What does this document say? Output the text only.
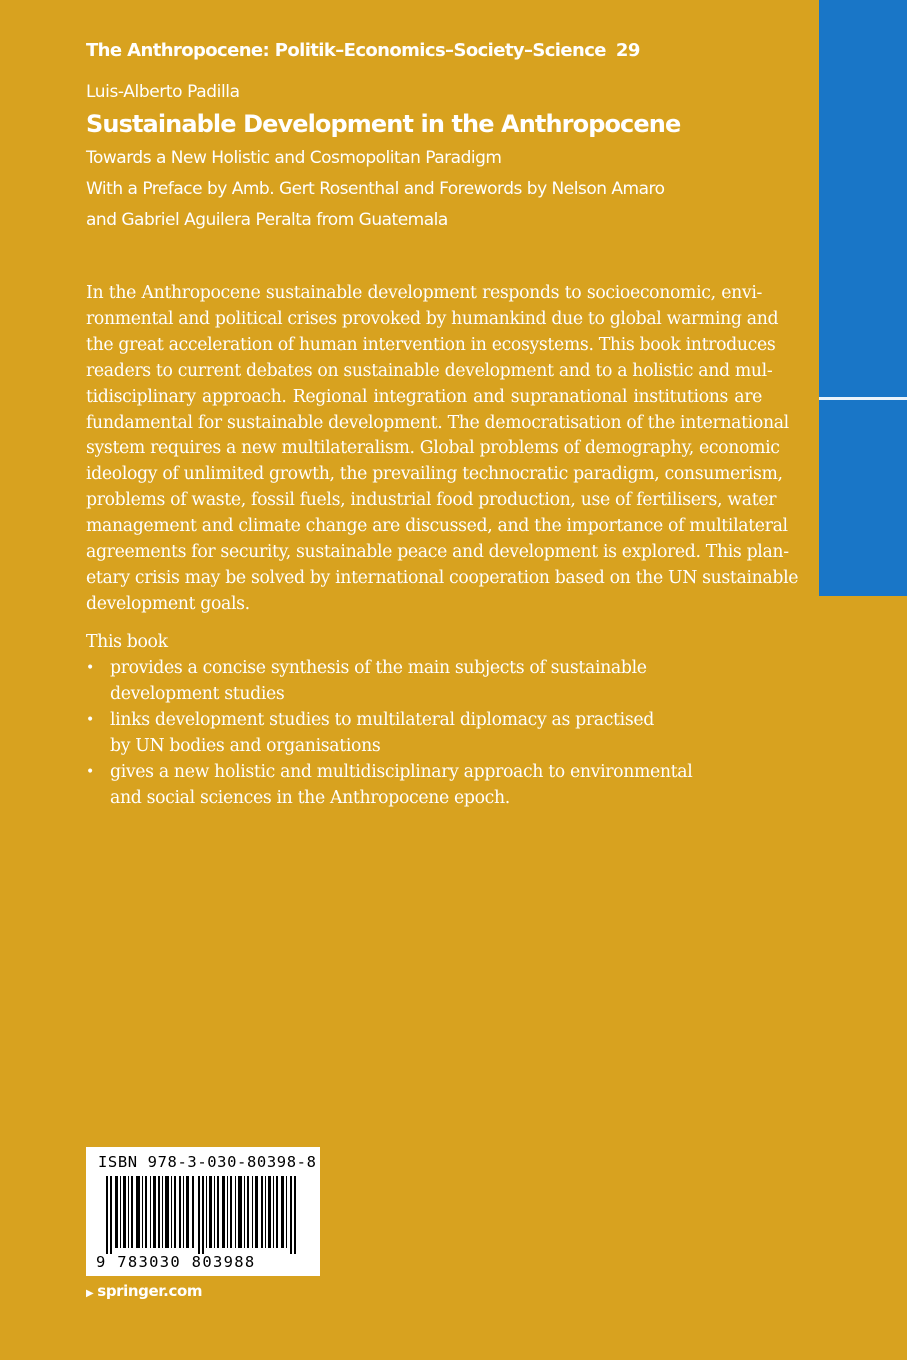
The Anthropocene: Politik–Economics–Society–Science 29
Luis-Alberto Padilla
Sustainable Development in the Anthropocene
Towards a New Holistic and Cosmopolitan Paradigm
With a Preface by Amb. Gert Rosenthal and Forewords by Nelson Amaro
and Gabriel Aguilera Peralta from Guatemala
In the Anthropocene sustainable development responds to socioeconomic, envi-
ronmental and political crises provoked by humankind due to global warming and
the great acceleration of human intervention in ecosystems. This book introduces
readers to current debates on sustainable development and to a holistic and mul-
tidisciplinary approach. Regional integration and supranational institutions are
fundamental for sustainable development. The democratisation of the international
system requires a new multilateralism. Global problems of demography, economic
ideology of unlimited growth, the prevailing technocratic paradigm, consumerism,
problems of waste, fossil fuels, industrial food production, use of fertilisers, water
management and climate change are discussed, and the importance of multilateral
agreements for security, sustainable peace and development is explored. This plan-
etary crisis may be solved by international cooperation based on the UN sustainable
development goals.
This book
• provides a concise synthesis of the main subjects of sustainable
development studies
• links development studies to multilateral diplomacy as practised
by UN bodies and organisations
• gives a new holistic and multidisciplinary approach to environmental
and social sciences in the Anthropocene epoch.
ISBN 978-3-030-80398-8
9 783030 803988
▶ springer.com
